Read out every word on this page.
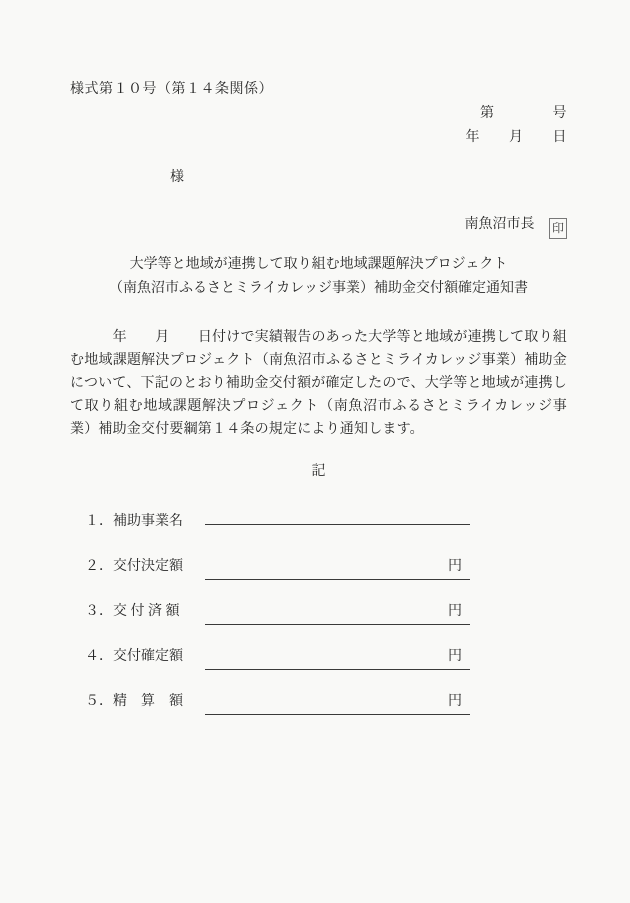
様式第１０号（第１４条関係）
第　　　　号
年　　月　　日
様
南魚沼市長 印
大学等と地域が連携して取り組む地域課題解決プロジェクト
（南魚沼市ふるさとミライカレッジ事業）補助金交付額確定通知書
　　　年　　月　　日付けで実績報告のあった大学等と地域が連携して取り組む地域課題解決プロジェクト（南魚沼市ふるさとミライカレッジ事業）補助金について、下記のとおり補助金交付額が確定したので、大学等と地域が連携して取り組む地域課題解決プロジェクト（南魚沼市ふるさとミライカレッジ事業）補助金交付要綱第１４条の規定により通知します。
記
１．補助事業名
２．交付決定額	円
３．交 付 済 額	円
４．交付確定額	円
５．精　算　額	円
